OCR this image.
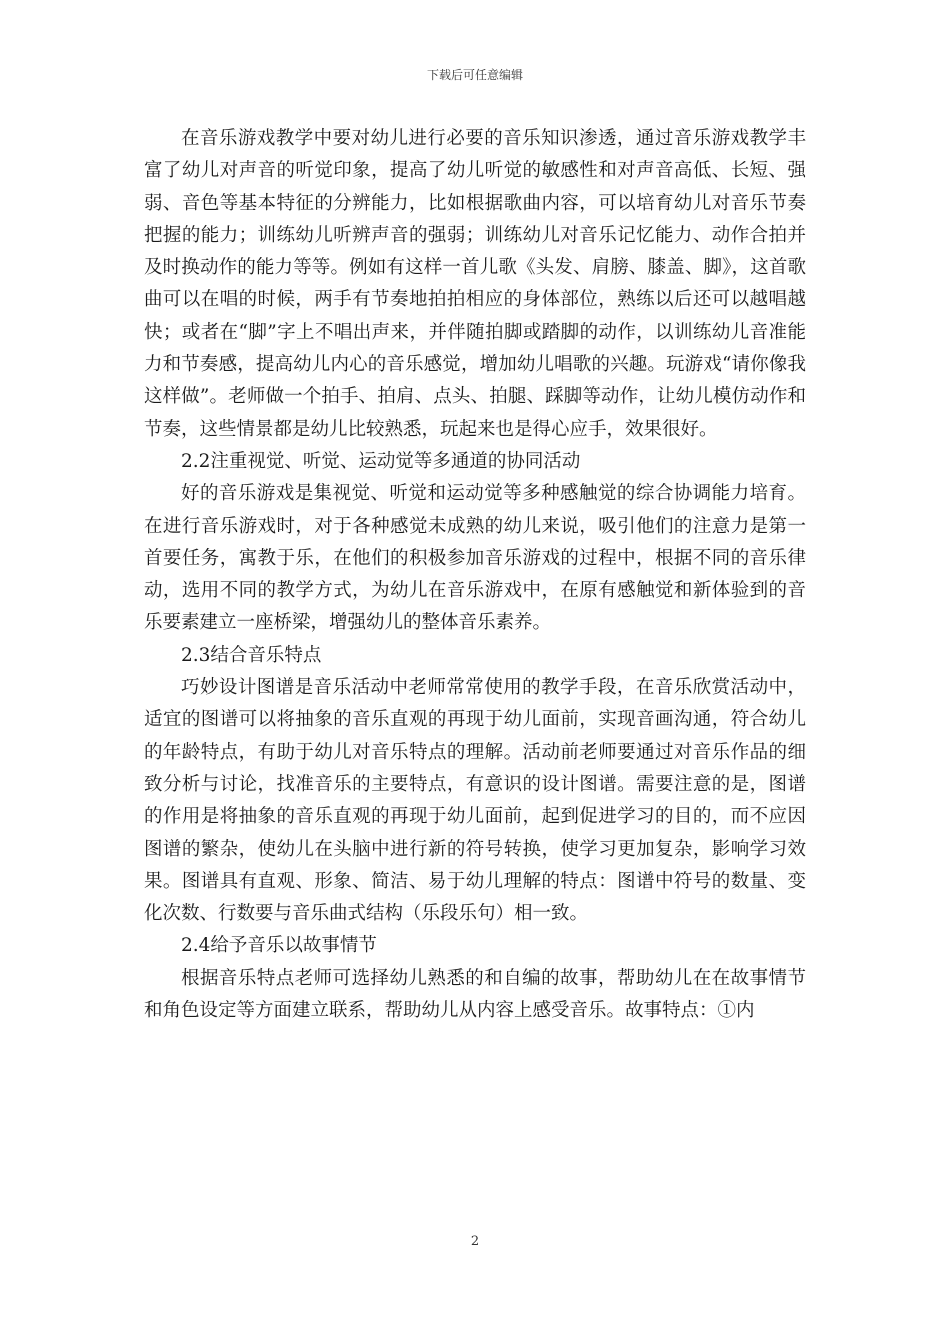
下载后可任意编辑

在音乐游戏教学中要对幼儿进行必要的音乐知识渗透，通过音乐游戏教学丰富了幼儿对声音的听觉印象，提高了幼儿听觉的敏感性和对声音高低、长短、强弱、音色等基本特征的分辨能力，比如根据歌曲内容，可以培育幼儿对音乐节奏把握的能力；训练幼儿听辨声音的强弱；训练幼儿对音乐记忆能力、动作合拍并及时换动作的能力等等。例如有这样一首儿歌《头发、肩膀、膝盖、脚》，这首歌曲可以在唱的时候，两手有节奏地拍拍相应的身体部位，熟练以后还可以越唱越快；或者在“脚”字上不唱出声来，并伴随拍脚或踏脚的动作，以训练幼儿音准能力和节奏感，提高幼儿内心的音乐感觉，增加幼儿唱歌的兴趣。玩游戏“请你像我这样做”。老师做一个拍手、拍肩、点头、拍腿、踩脚等动作，让幼儿模仿动作和节奏，这些情景都是幼儿比较熟悉，玩起来也是得心应手，效果很好。

2.2注重视觉、听觉、运动觉等多通道的协同活动

好的音乐游戏是集视觉、听觉和运动觉等多种感触觉的综合协调能力培育。在进行音乐游戏时，对于各种感觉未成熟的幼儿来说，吸引他们的注意力是第一首要任务，寓教于乐，在他们的积极参加音乐游戏的过程中，根据不同的音乐律动，选用不同的教学方式，为幼儿在音乐游戏中，在原有感触觉和新体验到的音乐要素建立一座桥梁，增强幼儿的整体音乐素养。

2.3结合音乐特点

巧妙设计图谱是音乐活动中老师常常使用的教学手段，在音乐欣赏活动中，适宜的图谱可以将抽象的音乐直观的再现于幼儿面前，实现音画沟通，符合幼儿的年龄特点，有助于幼儿对音乐特点的理解。活动前老师要通过对音乐作品的细致分析与讨论，找准音乐的主要特点，有意识的设计图谱。需要注意的是，图谱的作用是将抽象的音乐直观的再现于幼儿面前，起到促进学习的目的，而不应因图谱的繁杂，使幼儿在头脑中进行新的符号转换，使学习更加复杂，影响学习效果。图谱具有直观、形象、简洁、易于幼儿理解的特点：图谱中符号的数量、变化次数、行数要与音乐曲式结构（乐段乐句）相一致。

2.4给予音乐以故事情节

根据音乐特点老师可选择幼儿熟悉的和自编的故事，帮助幼儿在在故事情节和角色设定等方面建立联系，帮助幼儿从内容上感受音乐。故事特点：①内

2
